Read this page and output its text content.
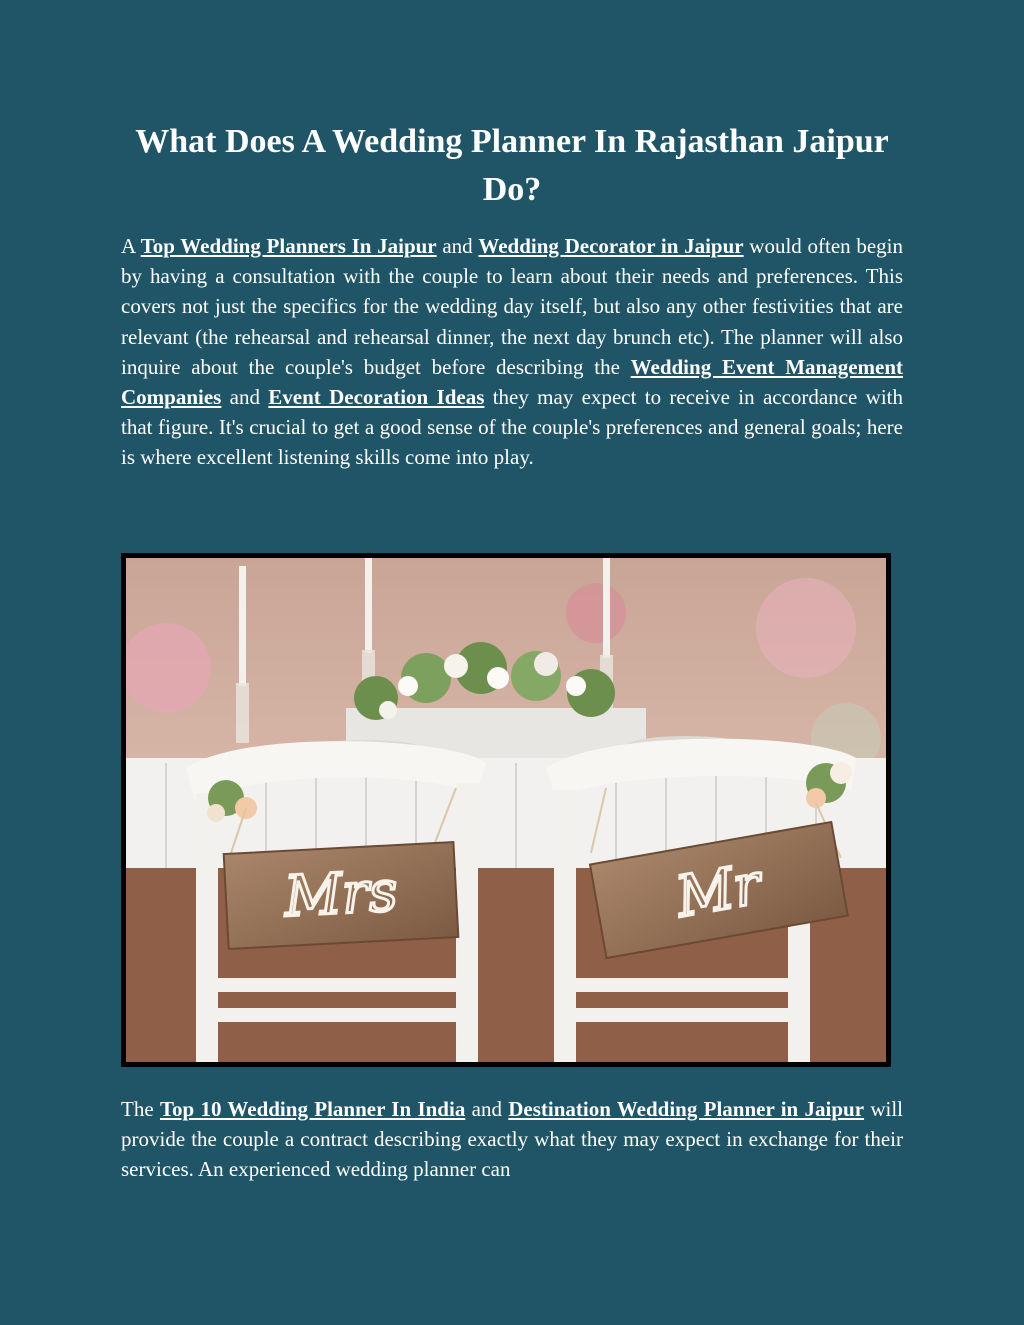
What Does A Wedding Planner In Rajasthan Jaipur Do?

A Top Wedding Planners In Jaipur and Wedding Decorator in Jaipur would often begin by having a consultation with the couple to learn about their needs and preferences. This covers not just the specifics for the wedding day itself, but also any other festivities that are relevant (the rehearsal and rehearsal dinner, the next day brunch etc). The planner will also inquire about the couple's budget before describing the Wedding Event Management Companies and Event Decoration Ideas they may expect to receive in accordance with that figure. It's crucial to get a good sense of the couple's preferences and general goals; here is where excellent listening skills come into play.

Mrs	Mr

The Top 10 Wedding Planner In India and Destination Wedding Planner in Jaipur will provide the couple a contract describing exactly what they may expect in exchange for their services. An experienced wedding planner can
